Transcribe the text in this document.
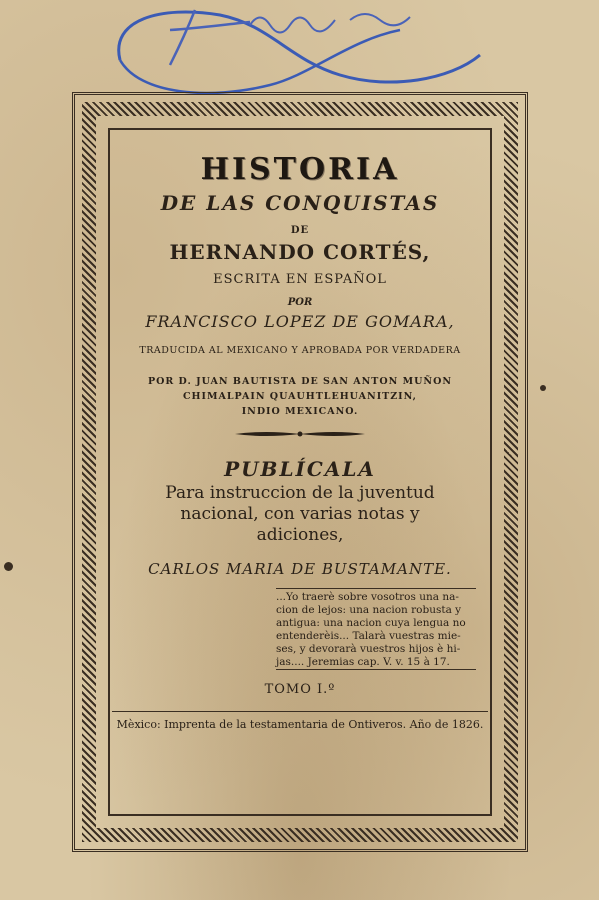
HISTORIA
DE LAS CONQUISTAS
DE
HERNANDO CORTÉS,
ESCRITA EN ESPAÑOL
POR
FRANCISCO LOPEZ DE GOMARA,
TRADUCIDA AL MEXICANO Y APROBADA POR VERDADERA
POR D. JUAN BAUTISTA DE SAN ANTON MUÑON
CHIMALPAIN QUAUHTLEHUANITZIN,
INDIO MEXICANO.
PUBLÍCALA
Para instruccion de la juventud
nacional, con varias notas y
adiciones,
CARLOS MARIA DE BUSTAMANTE.
...Yo traerè sobre vosotros una na-
cion de lejos: una nacion robusta y
antigua: una nacion cuya lengua no
entenderèis... Talarà vuestras mie-
ses, y devorarà vuestros hijos è hi-
jas.... Jeremias cap. V. v. 15 à 17.
TOMO I.º
Mèxico: Imprenta de la testamentaria de Ontiveros. Año de 1826.
